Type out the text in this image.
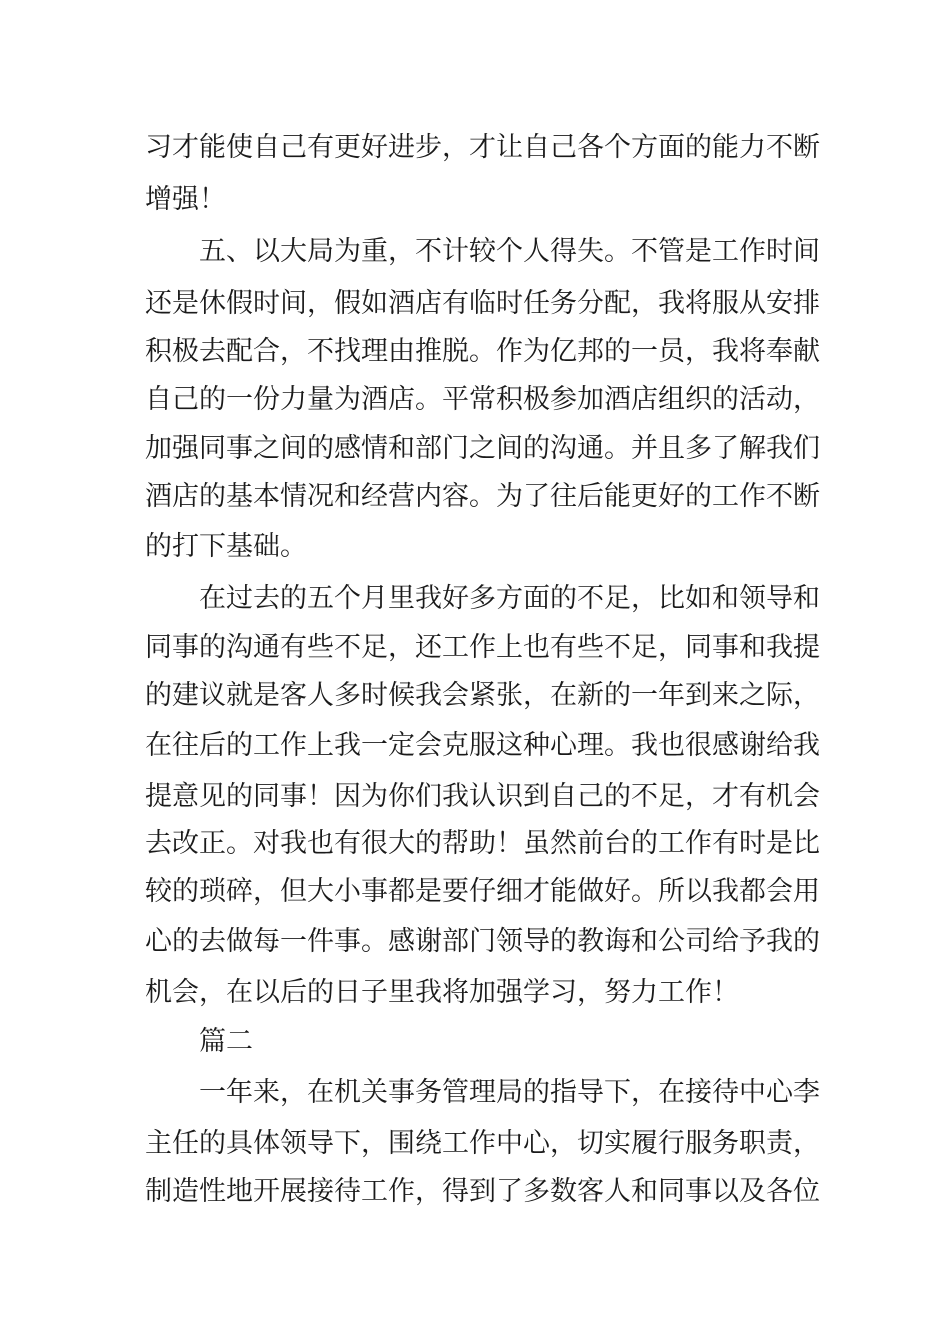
习才能使自己有更好进步，才让自己各个方面的能力不断
增强！
五、以大局为重，不计较个人得失。不管是工作时间
还是休假时间，假如酒店有临时任务分配，我将服从安排
积极去配合，不找理由推脱。作为亿邦的一员，我将奉献
自己的一份力量为酒店。平常积极参加酒店组织的活动，
加强同事之间的感情和部门之间的沟通。并且多了解我们
酒店的基本情况和经营内容。为了往后能更好的工作不断
的打下基础。
在过去的五个月里我好多方面的不足，比如和领导和
同事的沟通有些不足，还工作上也有些不足，同事和我提
的建议就是客人多时候我会紧张，在新的一年到来之际，
在往后的工作上我一定会克服这种心理。我也很感谢给我
提意见的同事！因为你们我认识到自己的不足，才有机会
去改正。对我也有很大的帮助！虽然前台的工作有时是比
较的琐碎，但大小事都是要仔细才能做好。所以我都会用
心的去做每一件事。感谢部门领导的教诲和公司给予我的
机会，在以后的日子里我将加强学习，努力工作！
篇二
一年来，在机关事务管理局的指导下，在接待中心李
主任的具体领导下，围绕工作中心，切实履行服务职责，
制造性地开展接待工作，得到了多数客人和同事以及各位
